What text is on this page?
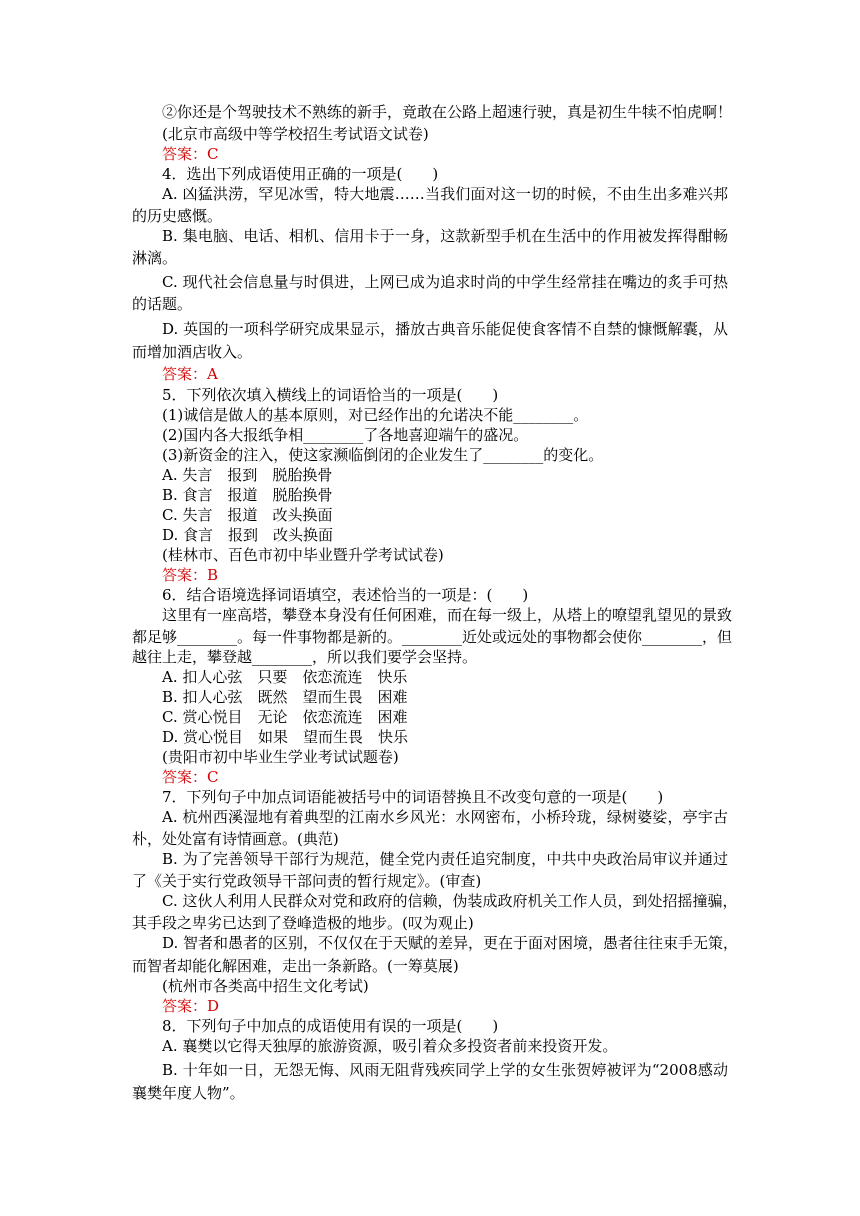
②你还是个驾驶技术不熟练的新手，竟敢在公路上超速行驶，真是初生牛犊不怕虎啊！
(北京市高级中等学校招生考试语文试卷)
答案：C
4．选出下列成语使用正确的一项是(　　)
A. 凶猛洪涝，罕见冰雪，特大地震……当我们面对这一切的时候，不由生出多难兴邦
的历史感慨。
B. 集电脑、电话、相机、信用卡于一身，这款新型手机在生活中的作用被发挥得酣畅
淋漓。
C. 现代社会信息量与时俱进，上网已成为追求时尚的中学生经常挂在嘴边的炙手可热
的话题。
D. 英国的一项科学研究成果显示，播放古典音乐能促使食客情不自禁的慷慨解囊，从
而增加酒店收入。
答案：A
5．下列依次填入横线上的词语恰当的一项是(　　)
(1)诚信是做人的基本原则，对已经作出的允诺决不能________。
(2)国内各大报纸争相________了各地喜迎端午的盛况。
(3)新资金的注入，使这家濒临倒闭的企业发生了________的变化。
A. 失言　报到　脱胎换骨
B. 食言　报道　脱胎换骨
C. 失言　报道　改头换面
D. 食言　报到　改头换面
(桂林市、百色市初中毕业暨升学考试试卷)
答案：B
6．结合语境选择词语填空，表述恰当的一项是：(　　)
这里有一座高塔，攀登本身没有任何困难，而在每一级上，从塔上的嘹望乳望见的景致
都足够________。每一件事物都是新的。________近处或远处的事物都会使你________，但
越往上走，攀登越________，所以我们要学会坚持。
A. 扣人心弦　只要　依恋流连　快乐
B. 扣人心弦　既然　望而生畏　困难
C. 赏心悦目　无论　依恋流连　困难
D. 赏心悦目　如果　望而生畏　快乐
(贵阳市初中毕业生学业考试试题卷)
答案：C
7．下列句子中加点词语能被括号中的词语替换且不改变句意的一项是(　　)
A. 杭州西溪湿地有着典型的江南水乡风光：水网密布，小桥玲珑，绿树婆娑，亭宇古
朴，处处富有诗情画意。(典范)
B. 为了完善领导干部行为规范，健全党内责任追究制度，中共中央政治局审议并通过
了《关于实行党政领导干部问责的暂行规定》。(审查)
C. 这伙人利用人民群众对党和政府的信赖，伪装成政府机关工作人员，到处招摇撞骗，
其手段之卑劣已达到了登峰造极的地步。(叹为观止)
D. 智者和愚者的区别，不仅仅在于天赋的差异，更在于面对困境，愚者往往束手无策，
而智者却能化解困难，走出一条新路。(一筹莫展)
(杭州市各类高中招生文化考试)
答案：D
8．下列句子中加点的成语使用有误的一项是(　　)
A. 襄樊以它得天独厚的旅游资源，吸引着众多投资者前来投资开发。
B. 十年如一日，无怨无悔、风雨无阻背残疾同学上学的女生张贺婷被评为“2008感动
襄樊年度人物”。
